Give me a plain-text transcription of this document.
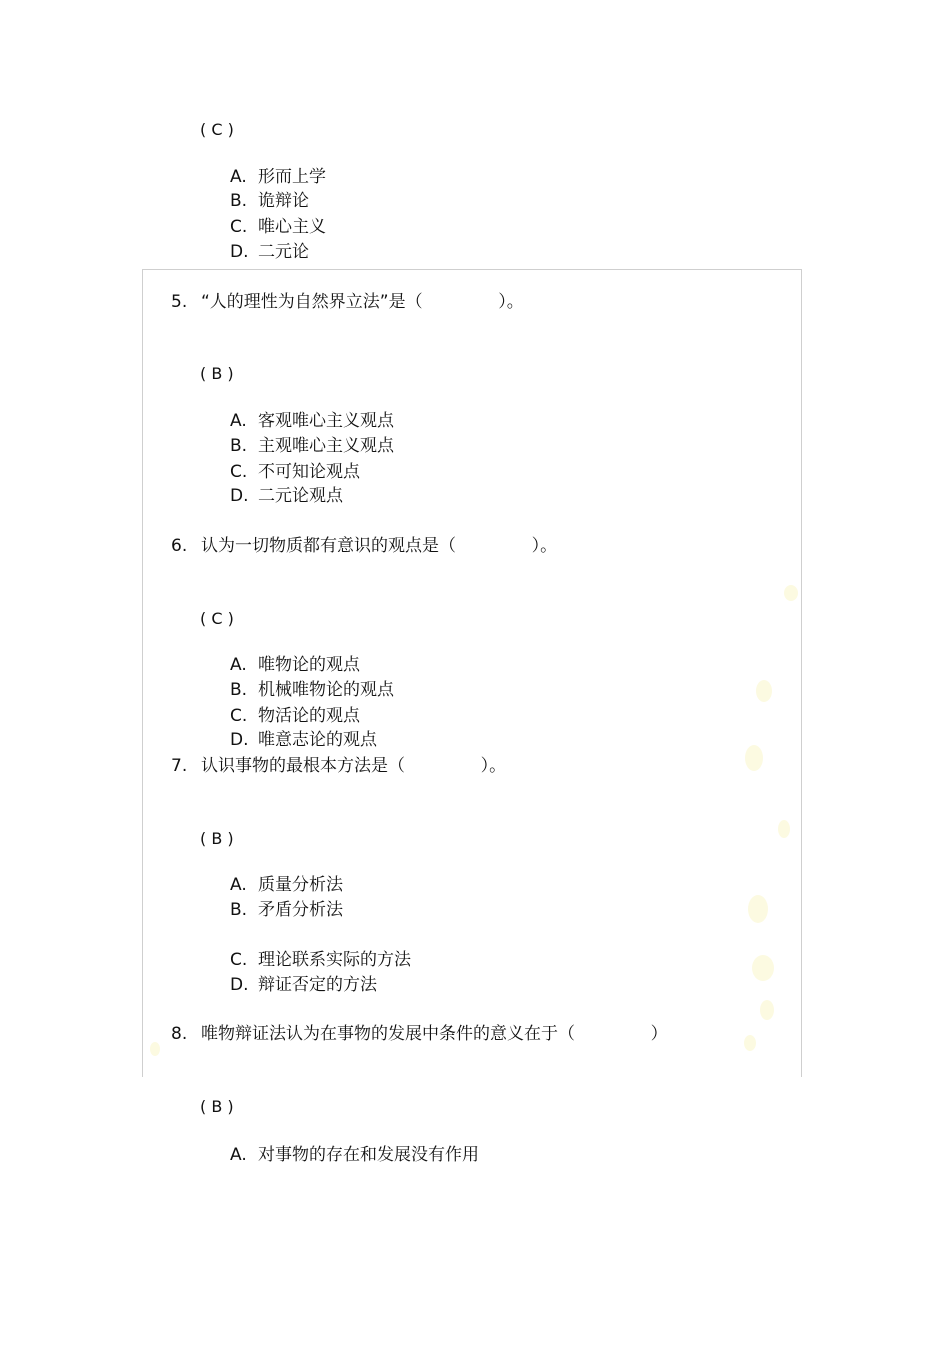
( C )
A. 形而上学
B. 诡辩论
C. 唯心主义
D. 二元论
5. “人的理性为自然界立法”是（              ）。
( B )
A. 客观唯心主义观点
B. 主观唯心主义观点
C. 不可知论观点
D. 二元论观点
6. 认为一切物质都有意识的观点是（              ）。
( C )
A. 唯物论的观点
B. 机械唯物论的观点
C. 物活论的观点
D. 唯意志论的观点
7. 认识事物的最根本方法是（              ）。
( B )
A. 质量分析法
B. 矛盾分析法
C. 理论联系实际的方法
D. 辩证否定的方法
8. 唯物辩证法认为在事物的发展中条件的意义在于（              ）
( B )
A. 对事物的存在和发展没有作用
